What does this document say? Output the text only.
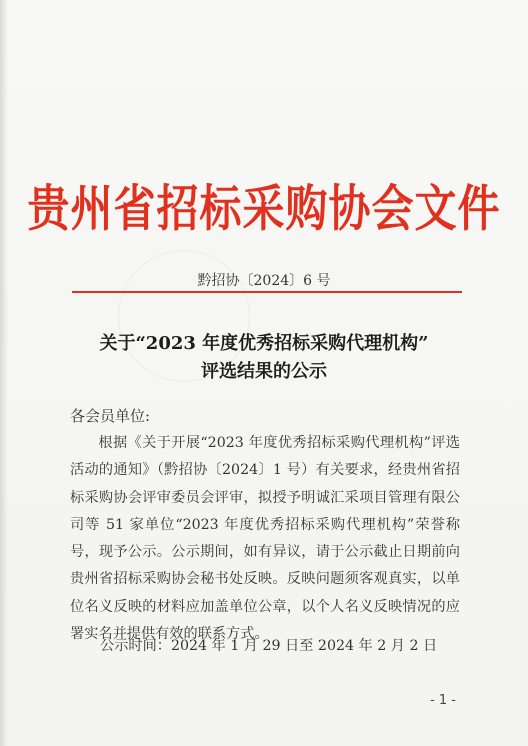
贵州省招标采购协会文件
黔招协〔2024〕6 号
关于“2023 年度优秀招标采购代理机构”
评选结果的公示
各会员单位:

根据《关于开展“2023 年度优秀招标采购代理机构”评选活动的通知》（黔招协〔2024〕1 号）有关要求，经贵州省招标采购协会评审委员会评审，拟授予明诚汇采项目管理有限公司等 51 家单位“2023 年度优秀招标采购代理机构”荣誉称号，现予公示。公示期间，如有异议，请于公示截止日期前向贵州省招标采购协会秘书处反映。反映问题须客观真实，以单位名义反映的材料应加盖单位公章，以个人名义反映情况的应署实名并提供有效的联系方式。

公示时间：2024 年 1 月 29 日至 2024 年 2 月 2 日
- 1 -
